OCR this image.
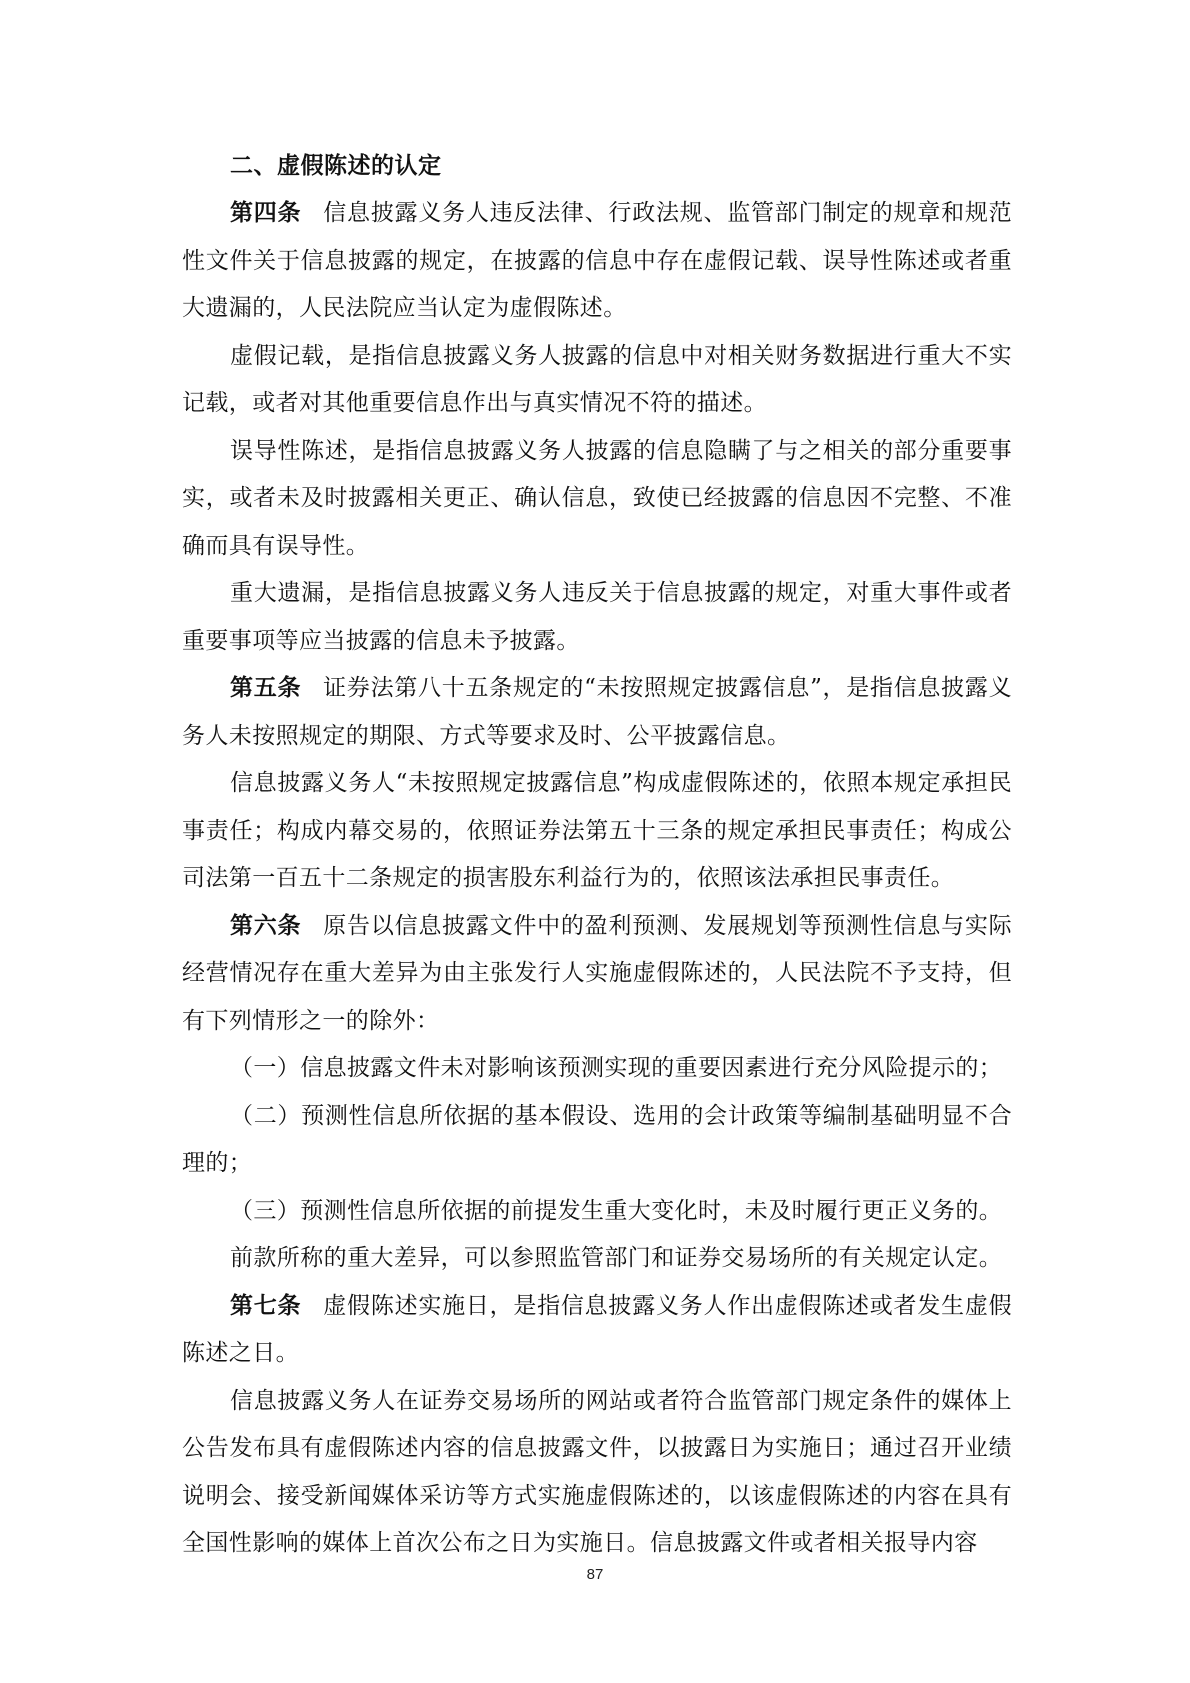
二、虚假陈述的认定

第四条 信息披露义务人违反法律、行政法规、监管部门制定的规章和规范性文件关于信息披露的规定，在披露的信息中存在虚假记载、误导性陈述或者重大遗漏的，人民法院应当认定为虚假陈述。

虚假记载，是指信息披露义务人披露的信息中对相关财务数据进行重大不实记载，或者对其他重要信息作出与真实情况不符的描述。

误导性陈述，是指信息披露义务人披露的信息隐瞒了与之相关的部分重要事实，或者未及时披露相关更正、确认信息，致使已经披露的信息因不完整、不准确而具有误导性。

重大遗漏，是指信息披露义务人违反关于信息披露的规定，对重大事件或者重要事项等应当披露的信息未予披露。

第五条 证券法第八十五条规定的“未按照规定披露信息”，是指信息披露义务人未按照规定的期限、方式等要求及时、公平披露信息。

信息披露义务人“未按照规定披露信息”构成虚假陈述的，依照本规定承担民事责任；构成内幕交易的，依照证券法第五十三条的规定承担民事责任；构成公司法第一百五十二条规定的损害股东利益行为的，依照该法承担民事责任。

第六条 原告以信息披露文件中的盈利预测、发展规划等预测性信息与实际经营情况存在重大差异为由主张发行人实施虚假陈述的，人民法院不予支持，但有下列情形之一的除外：

（一）信息披露文件未对影响该预测实现的重要因素进行充分风险提示的；

（二）预测性信息所依据的基本假设、选用的会计政策等编制基础明显不合理的；

（三）预测性信息所依据的前提发生重大变化时，未及时履行更正义务的。

前款所称的重大差异，可以参照监管部门和证券交易场所的有关规定认定。

第七条 虚假陈述实施日，是指信息披露义务人作出虚假陈述或者发生虚假陈述之日。

信息披露义务人在证券交易场所的网站或者符合监管部门规定条件的媒体上公告发布具有虚假陈述内容的信息披露文件，以披露日为实施日；通过召开业绩说明会、接受新闻媒体采访等方式实施虚假陈述的，以该虚假陈述的内容在具有全国性影响的媒体上首次公布之日为实施日。信息披露文件或者相关报导内容

87
